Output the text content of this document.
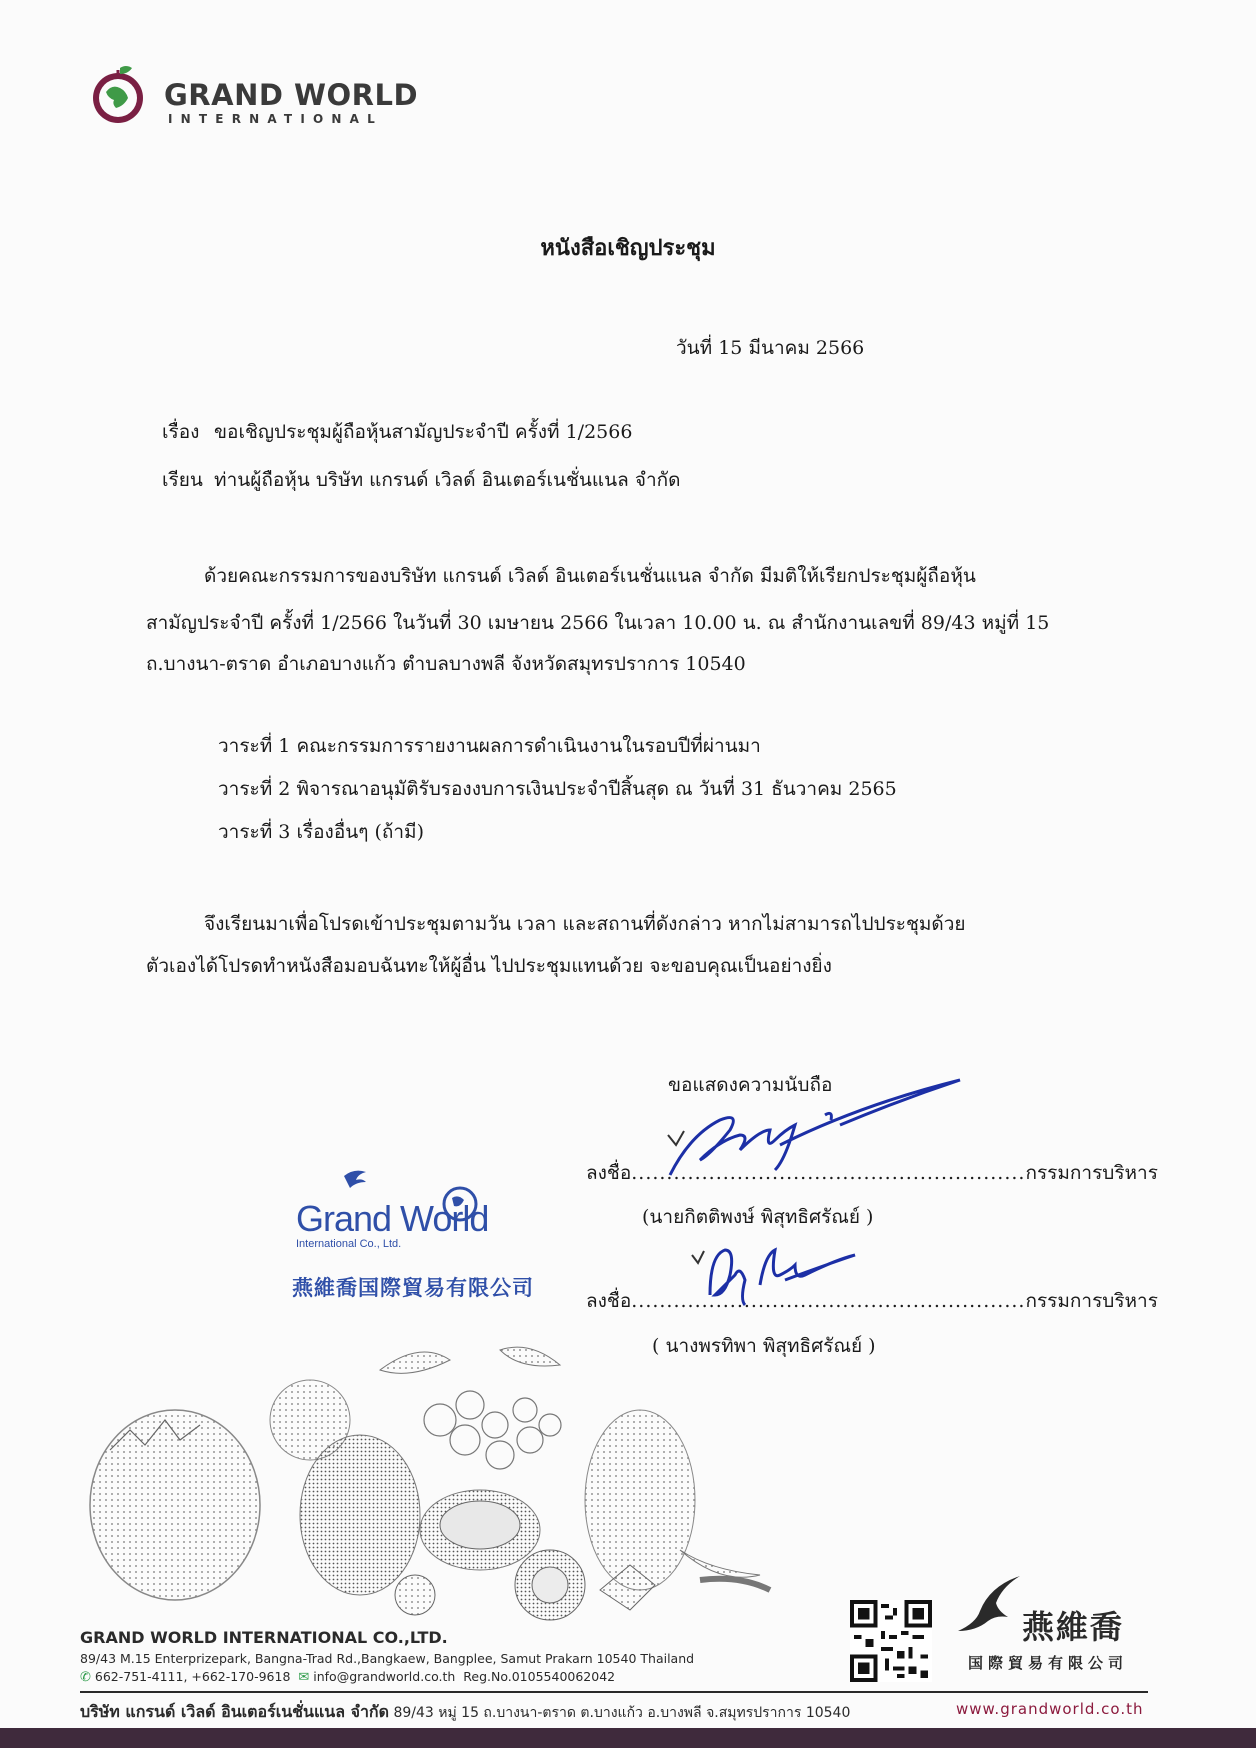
GRAND WORLD
INTERNATIONAL
หนังสือเชิญประชุม
วันที่ 15 มีนาคม 2566
เรื่อง ขอเชิญประชุมผู้ถือหุ้นสามัญประจำปี ครั้งที่ 1/2566
เรียน ท่านผู้ถือหุ้น บริษัท แกรนด์ เวิลด์ อินเตอร์เนชั่นแนล จำกัด
ด้วยคณะกรรมการของบริษัท แกรนด์ เวิลด์ อินเตอร์เนชั่นแนล จำกัด มีมติให้เรียกประชุมผู้ถือหุ้น
สามัญประจำปี ครั้งที่ 1/2566 ในวันที่ 30 เมษายน 2566 ในเวลา 10.00 น. ณ สำนักงานเลขที่ 89/43 หมู่ที่ 15
ถ.บางนา-ตราด อำเภอบางแก้ว ตำบลบางพลี จังหวัดสมุทรปราการ 10540
วาระที่ 1 คณะกรรมการรายงานผลการดำเนินงานในรอบปีที่ผ่านมา
วาระที่ 2 พิจารณาอนุมัติรับรองงบการเงินประจำปีสิ้นสุด ณ วันที่ 31 ธันวาคม 2565
วาระที่ 3 เรื่องอื่นๆ (ถ้ามี)
จึงเรียนมาเพื่อโปรดเข้าประชุมตามวัน เวลา และสถานที่ดังกล่าว หากไม่สามารถไปประชุมด้วย
ตัวเองได้โปรดทำหนังสือมอบฉันทะให้ผู้อื่น ไปประชุมแทนด้วย จะขอบคุณเป็นอย่างยิ่ง
ขอแสดงความนับถือ
ลงชื่อ........................................................กรรมการบริหาร
(นายกิตติพงษ์ พิสุทธิศรัณย์ )
ลงชื่อ........................................................กรรมการบริหาร
( นางพรทิพา พิสุทธิศรัณย์ )
Grand World
International Co., Ltd.
燕維喬国際貿易有限公司
GRAND WORLD INTERNATIONAL CO.,LTD.
89/43 M.15 Enterprizepark, Bangna-Trad Rd.,Bangkaew, Bangplee, Samut Prakarn 10540 Thailand
✆ 662-751-4111, +662-170-9618 ✉ info@grandworld.co.th Reg.No.0105540062042
บริษัท แกรนด์ เวิลด์ อินเตอร์เนชั่นแนล จำกัด 89/43 หมู่ 15 ถ.บางนา-ตราด ต.บางแก้ว อ.บางพลี จ.สมุทรปราการ 10540	www.grandworld.co.th
燕維喬
国際貿易有限公司
